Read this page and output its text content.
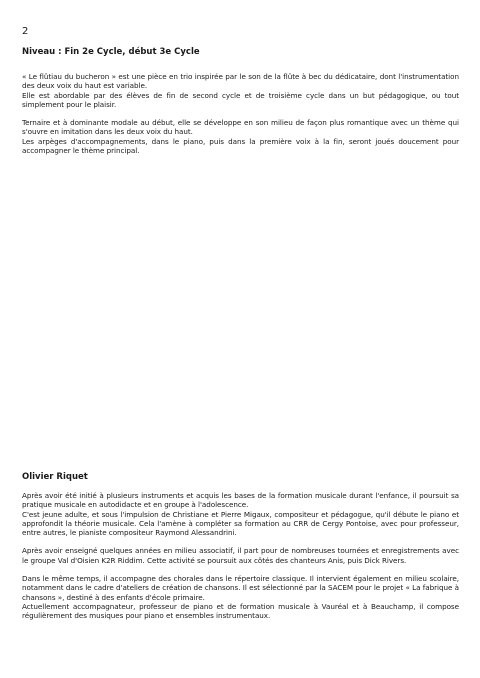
2
Niveau : Fin 2e Cycle, début 3e Cycle

« Le flûtiau du bucheron » est une pièce en trio inspirée par le son de la flûte à bec du dédicataire, dont l'instrumentation des deux voix du haut est variable.

Elle est abordable par des élèves de fin de second cycle et de troisième cycle dans un but pédagogique, ou tout simplement pour le plaisir.

Ternaire et à dominante modale au début, elle se développe en son milieu de façon plus romantique avec un thème qui s'ouvre en imitation dans les deux voix du haut.

Les arpèges d'accompagnements, dans le piano, puis dans la première voix à la fin, seront joués doucement pour accompagner le thème principal.

Olivier Riquet

Après avoir été initié à plusieurs instruments et acquis les bases de la formation musicale durant l'enfance, il poursuit sa pratique musicale en autodidacte et en groupe à l'adolescence.

C'est jeune adulte, et sous l'impulsion de Christiane et Pierre Migaux, compositeur et pédagogue, qu'il débute le piano et approfondit la théorie musicale. Cela l'amène à compléter sa formation au CRR de Cergy Pontoise, avec pour professeur, entre autres, le pianiste compositeur Raymond Alessandrini.

Après avoir enseigné quelques années en milieu associatif, il part pour de nombreuses tournées et enregistrements avec le groupe Val d'Oisien K2R Riddim. Cette activité se poursuit aux côtés des chanteurs Anis, puis Dick Rivers.

Dans le même temps, il accompagne des chorales dans le répertoire classique. Il intervient également en milieu scolaire, notamment dans le cadre d'ateliers de création de chansons. Il est sélectionné par la SACEM pour le projet « La fabrique à chansons », destiné à des enfants d'école primaire.

Actuellement accompagnateur, professeur de piano et de formation musicale à Vauréal et à Beauchamp, il compose régulièrement des musiques pour piano et ensembles instrumentaux.
